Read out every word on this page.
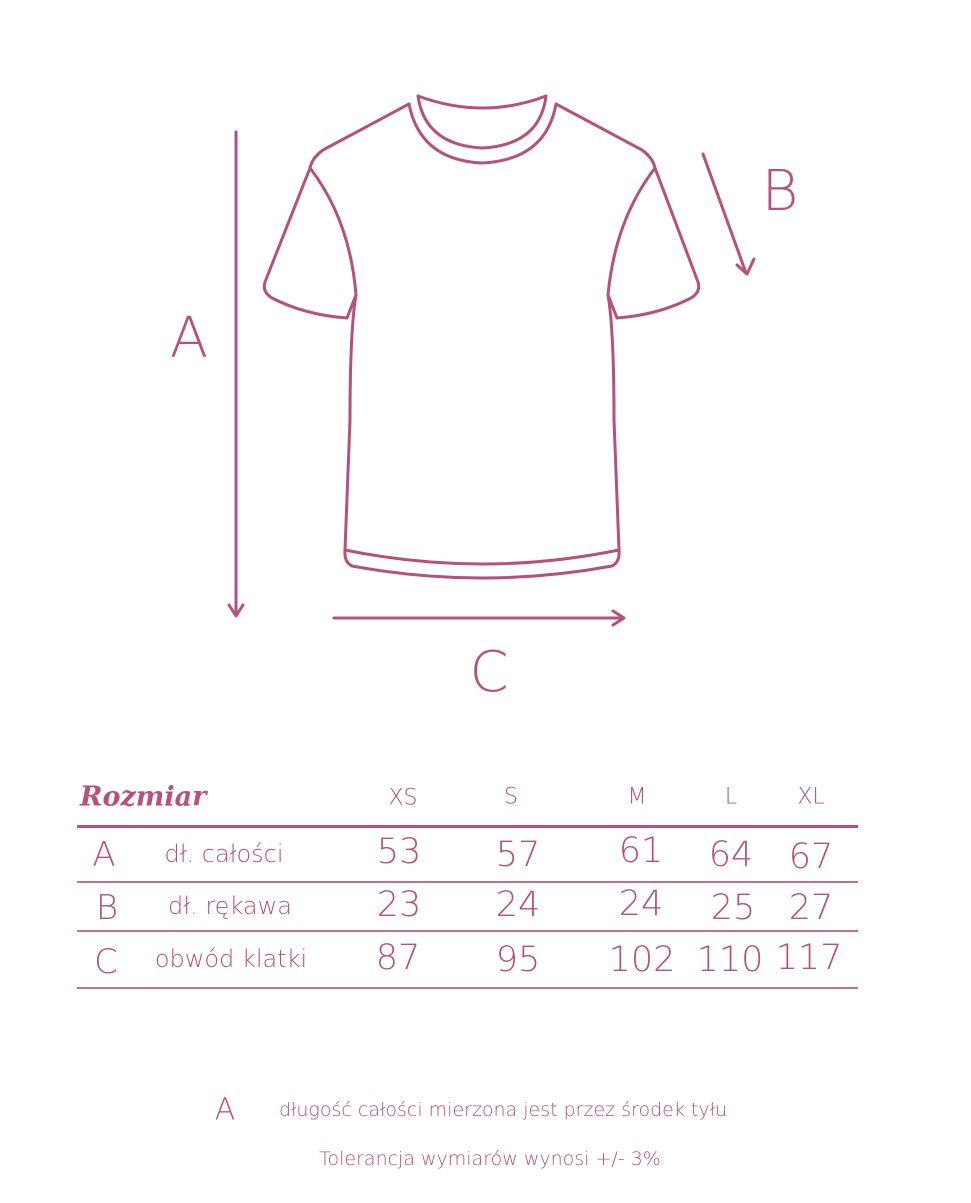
A
B
C
Rozmiar	XS	S	M	L	XL
A dł. całości	53 57 61 64 67
B dł. rękawa 23 24 24 25 27
C obwód klatki 87 95 102 110 117
A długość całości mierzona jest przez środek tyłu
Tolerancja wymiarów wynosi +/- 3%
